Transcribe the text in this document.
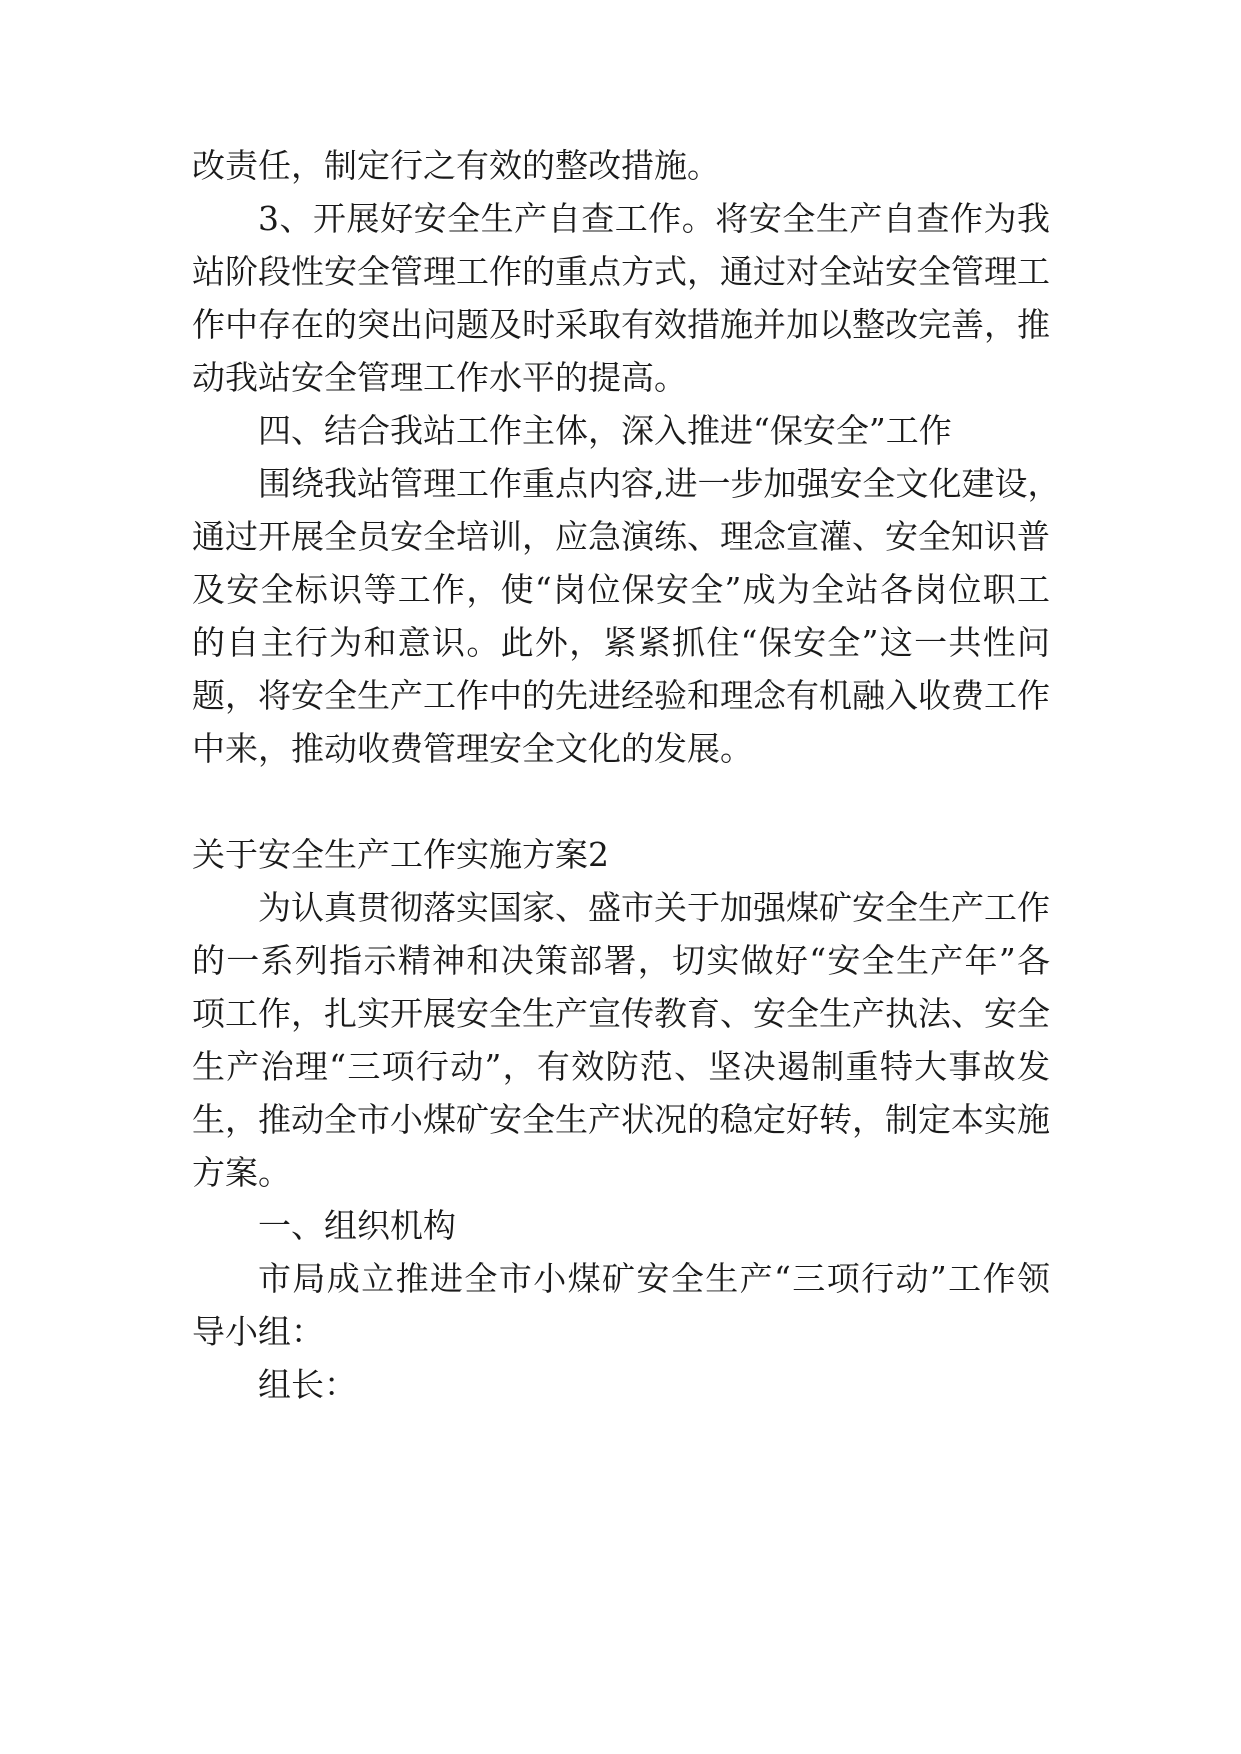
改责任，制定行之有效的整改措施。
3、开展好安全生产自查工作。将安全生产自查作为我
站阶段性安全管理工作的重点方式，通过对全站安全管理工
作中存在的突出问题及时采取有效措施并加以整改完善，推
动我站安全管理工作水平的提高。
四、结合我站工作主体，深入推进“保安全”工作
围绕我站管理工作重点内容,进一步加强安全文化建设，
通过开展全员安全培训，应急演练、理念宣灌、安全知识普
及安全标识等工作，使“岗位保安全”成为全站各岗位职工
的自主行为和意识。此外，紧紧抓住“保安全”这一共性问
题，将安全生产工作中的先进经验和理念有机融入收费工作
中来，推动收费管理安全文化的发展。
关于安全生产工作实施方案2
为认真贯彻落实国家、盛市关于加强煤矿安全生产工作
的一系列指示精神和决策部署，切实做好“安全生产年”各
项工作，扎实开展安全生产宣传教育、安全生产执法、安全
生产治理“三项行动”，有效防范、坚决遏制重特大事故发
生，推动全市小煤矿安全生产状况的稳定好转，制定本实施
方案。
一、组织机构
市局成立推进全市小煤矿安全生产“三项行动”工作领
导小组：
组长：
